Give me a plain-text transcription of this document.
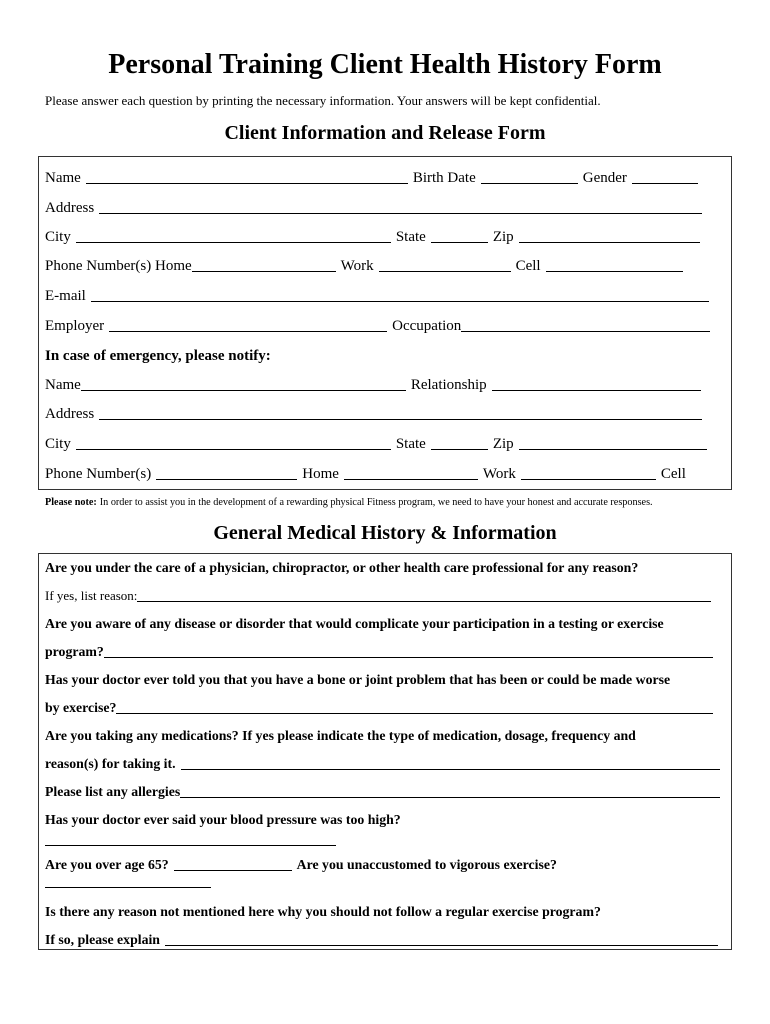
Personal Training Client Health History Form
Please answer each question by printing the necessary information. Your answers will be kept confidential.
Client Information and Release Form
Name	Birth Date	Gender
Address
City	State	Zip
Phone Number(s) Home	Work	Cell
E-mail
Employer	Occupation
In case of emergency, please notify:
Name	Relationship
Address
City	State	Zip
Phone Number(s)	Home	Work	Cell
Please note: In order to assist you in the development of a rewarding physical Fitness program, we need to have your honest and accurate responses.
General Medical History & Information
Are you under the care of a physician, chiropractor, or other health care professional for any reason?
If yes, list reason:
Are you aware of any disease or disorder that would complicate your participation in a testing or exercise
program?
Has your doctor ever told you that you have a bone or joint problem that has been or could be made worse
by exercise?
Are you taking any medications? If yes please indicate the type of medication, dosage, frequency and
reason(s) for taking it.
Please list any allergies
Has your doctor ever said your blood pressure was too high?
Are you over age 65?	Are you unaccustomed to vigorous exercise?
Is there any reason not mentioned here why you should not follow a regular exercise program?
If so, please explain
